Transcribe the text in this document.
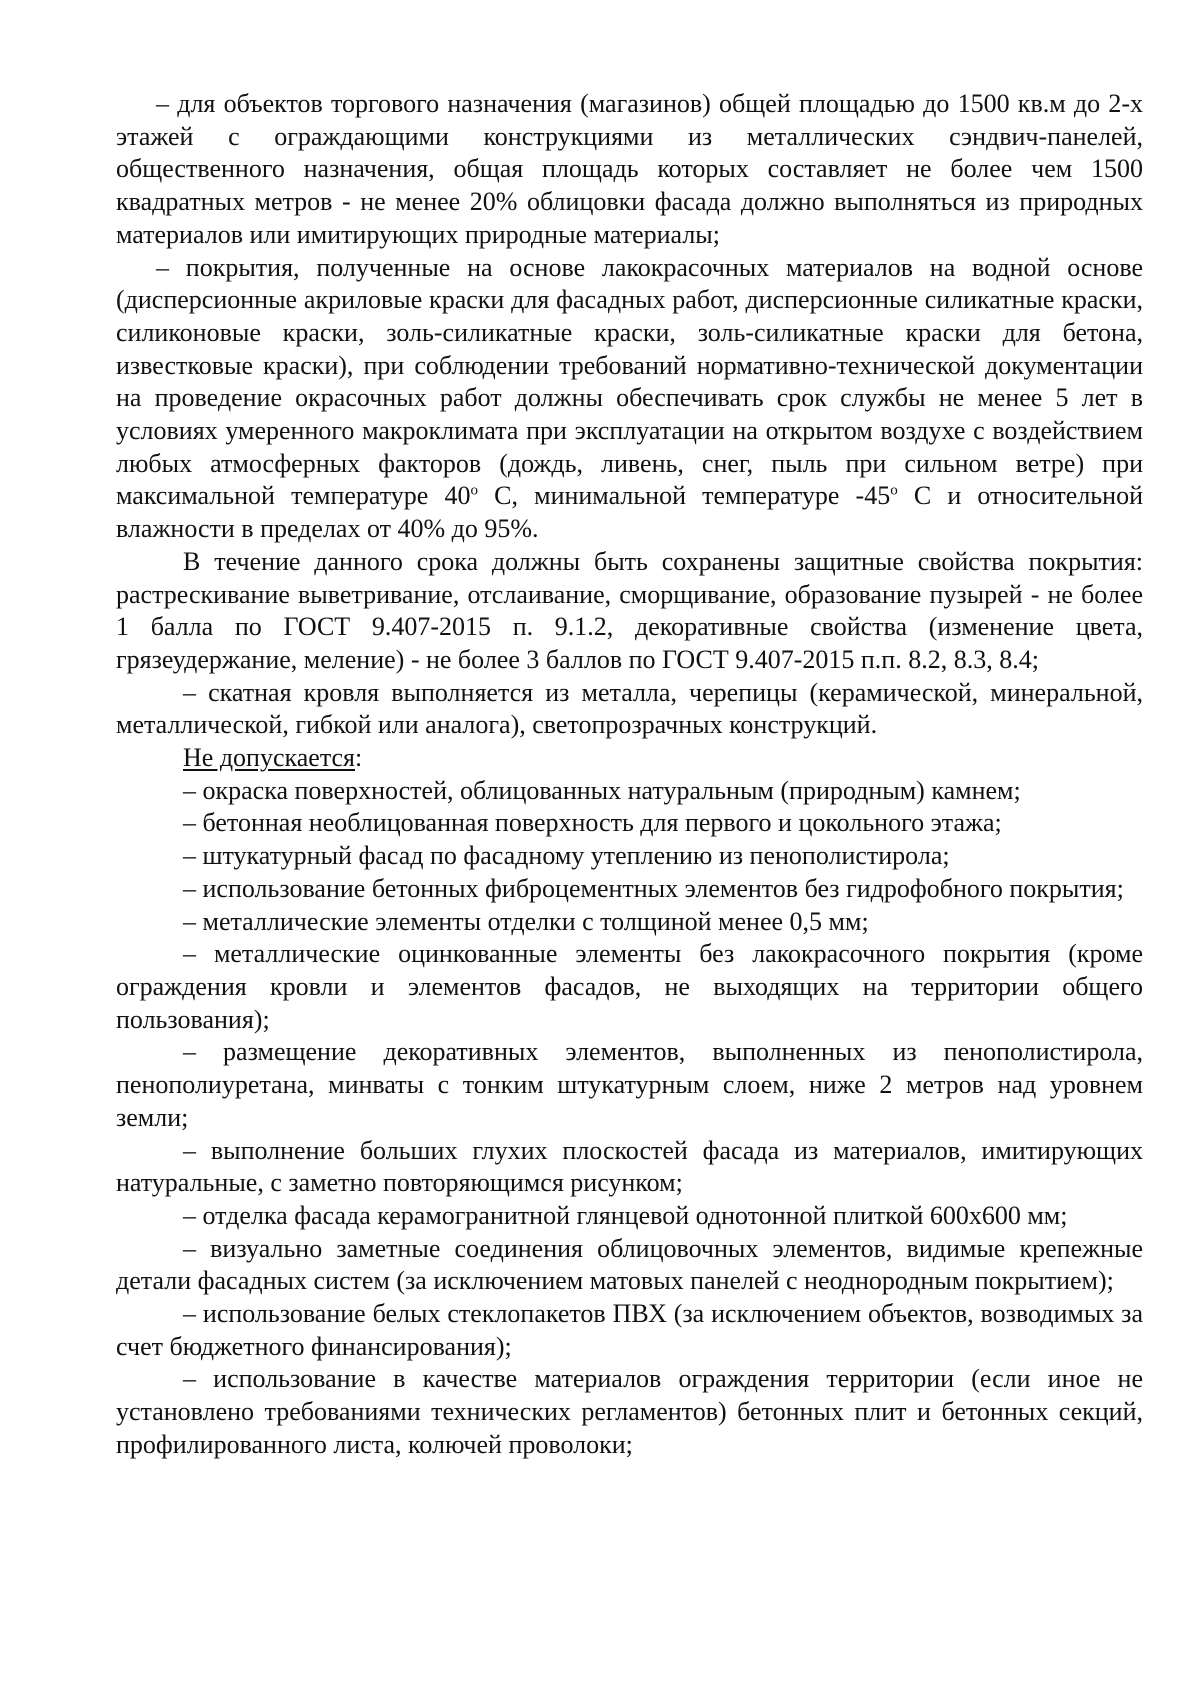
– для объектов торгового назначения (магазинов) общей площадью до 1500 кв.м до 2-х этажей с ограждающими конструкциями из металлических сэндвич-панелей, общественного назначения, общая площадь которых составляет не более чем 1500 квадратных метров - не менее 20% облицовки фасада должно выполняться из природных материалов или имитирующих природные материалы;

– покрытия, полученные на основе лакокрасочных материалов на водной основе (дисперсионные акриловые краски для фасадных работ, дисперсионные силикатные краски, силиконовые краски, золь-силикатные краски, золь-силикатные краски для бетона, известковые краски), при соблюдении требований нормативно-технической документации на проведение окрасочных работ должны обеспечивать срок службы не менее 5 лет в условиях умеренного макроклимата при эксплуатации на открытом воздухе с воздействием любых атмосферных факторов (дождь, ливень, снег, пыль при сильном ветре) при максимальной температуре 40$^o$ С, минимальной температуре -45$^o$ С и относительной влажности в пределах от 40% до 95%.

В течение данного срока должны быть сохранены защитные свойства покрытия: растрескивание выветривание, отслаивание, сморщивание, образование пузырей - не более 1 балла по ГОСТ 9.407-2015 п. 9.1.2, декоративные свойства (изменение цвета, грязеудержание, меление) - не более 3 баллов по ГОСТ 9.407-2015 п.п. 8.2, 8.3, 8.4;

– скатная кровля выполняется из металла, черепицы (керамической, минеральной, металлической, гибкой или аналога), светопрозрачных конструкций.

Не допускается:

– окраска поверхностей, облицованных натуральным (природным) камнем;

– бетонная необлицованная поверхность для первого и цокольного этажа;

– штукатурный фасад по фасадному утеплению из пенополистирола;

– использование бетонных фиброцементных элементов без гидрофобного покрытия;

– металлические элементы отделки с толщиной менее 0,5 мм;

– металлические оцинкованные элементы без лакокрасочного покрытия (кроме ограждения кровли и элементов фасадов, не выходящих на территории общего пользования);

– размещение декоративных элементов, выполненных из пенополистирола, пенополиуретана, минваты с тонким штукатурным слоем, ниже 2 метров над уровнем земли;

– выполнение больших глухих плоскостей фасада из материалов, имитирующих натуральные, с заметно повторяющимся рисунком;

– отделка фасада керамогранитной глянцевой однотонной плиткой 600х600 мм;

– визуально заметные соединения облицовочных элементов, видимые крепежные детали фасадных систем (за исключением матовых панелей с неоднородным покрытием);

– использование белых стеклопакетов ПВХ (за исключением объектов, возводимых за счет бюджетного финансирования);

– использование в качестве материалов ограждения территории (если иное не установлено требованиями технических регламентов) бетонных плит и бетонных секций, профилированного листа, колючей проволоки;
